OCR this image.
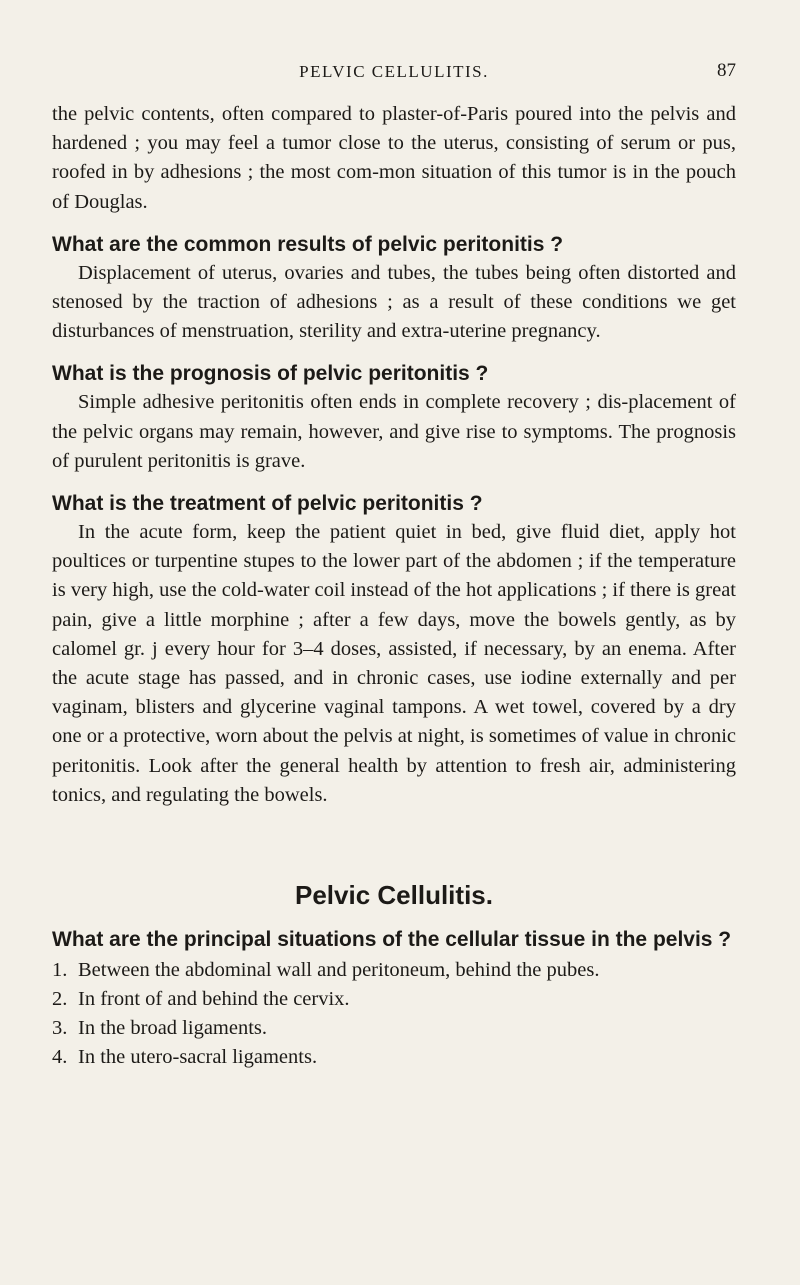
PELVIC CELLULITIS.	87

the pelvic contents, often compared to plaster-of-Paris poured into the pelvis and hardened ; you may feel a tumor close to the uterus, consisting of serum or pus, roofed in by adhesions ; the most com-mon situation of this tumor is in the pouch of Douglas.

What are the common results of pelvic peritonitis ?

Displacement of uterus, ovaries and tubes, the tubes being often distorted and stenosed by the traction of adhesions ; as a result of these conditions we get disturbances of menstruation, sterility and extra-uterine pregnancy.

What is the prognosis of pelvic peritonitis ?

Simple adhesive peritonitis often ends in complete recovery ; dis-placement of the pelvic organs may remain, however, and give rise to symptoms. The prognosis of purulent peritonitis is grave.

What is the treatment of pelvic peritonitis ?

In the acute form, keep the patient quiet in bed, give fluid diet, apply hot poultices or turpentine stupes to the lower part of the abdomen ; if the temperature is very high, use the cold-water coil instead of the hot applications ; if there is great pain, give a little morphine ; after a few days, move the bowels gently, as by calomel gr. j every hour for 3–4 doses, assisted, if necessary, by an enema. After the acute stage has passed, and in chronic cases, use iodine externally and per vaginam, blisters and glycerine vaginal tampons. A wet towel, covered by a dry one or a protective, worn about the pelvis at night, is sometimes of value in chronic peritonitis. Look after the general health by attention to fresh air, administering tonics, and regulating the bowels.

Pelvic Cellulitis.
What are the principal situations of the cellular tissue in the pelvis ?
1. Between the abdominal wall and peritoneum, behind the pubes.
2. In front of and behind the cervix.
3. In the broad ligaments.
4. In the utero-sacral ligaments.
